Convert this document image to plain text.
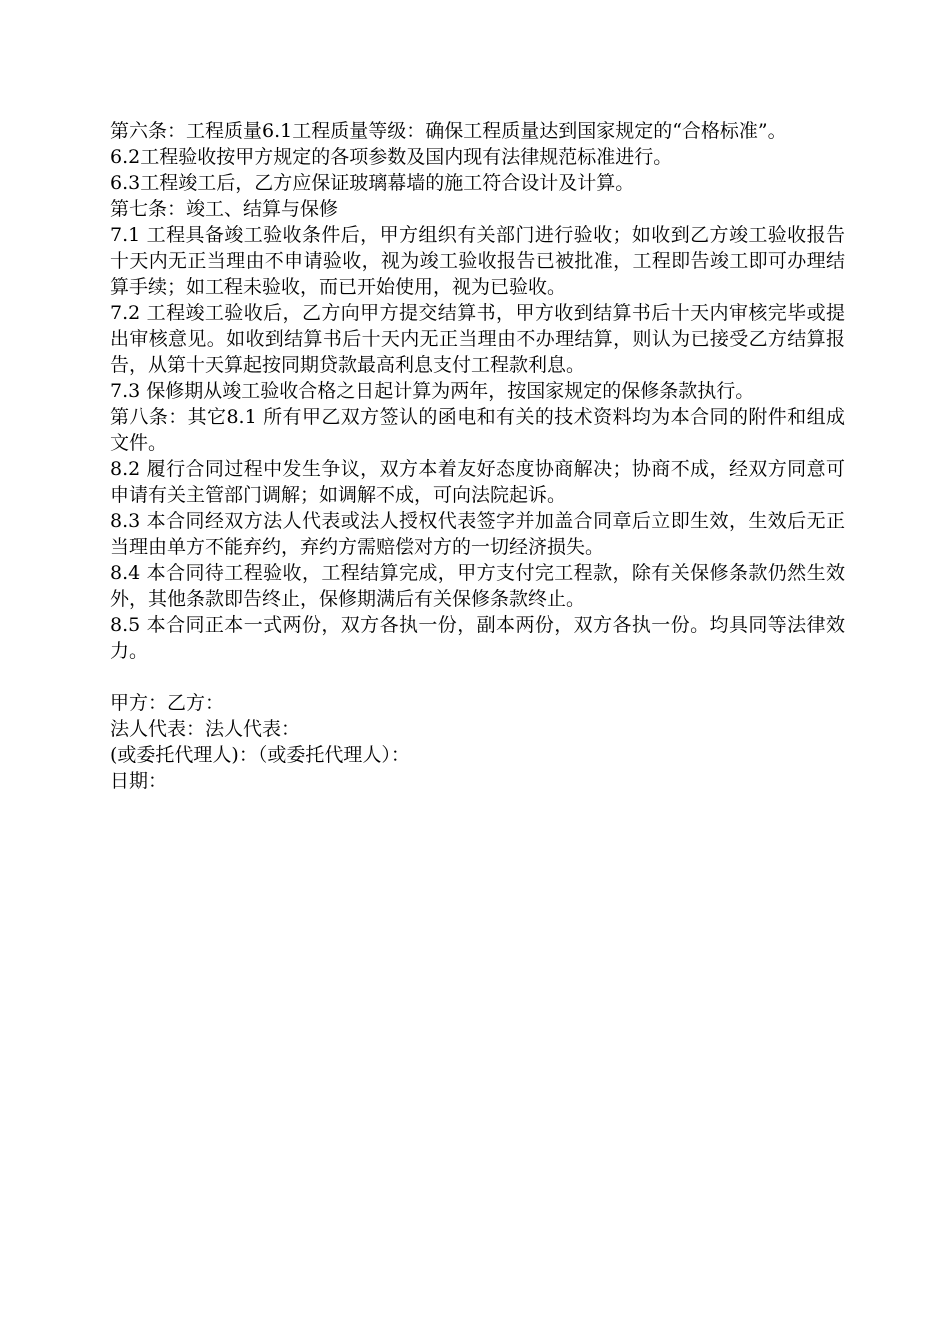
第六条：工程质量6.1工程质量等级：确保工程质量达到国家规定的“合格标准”。

6.2工程验收按甲方规定的各项参数及国内现有法律规范标准进行。

6.3工程竣工后，乙方应保证玻璃幕墙的施工符合设计及计算。

第七条：竣工、结算与保修

7.1 工程具备竣工验收条件后，甲方组织有关部门进行验收；如收到乙方竣工验收报告十天内无正当理由不申请验收，视为竣工验收报告已被批准，工程即告竣工即可办理结算手续；如工程未验收，而已开始使用，视为已验收。

7.2 工程竣工验收后，乙方向甲方提交结算书，甲方收到结算书后十天内审核完毕或提出审核意见。如收到结算书后十天内无正当理由不办理结算，则认为已接受乙方结算报告，从第十天算起按同期贷款最高利息支付工程款利息。

7.3 保修期从竣工验收合格之日起计算为两年，按国家规定的保修条款执行。

第八条：其它8.1 所有甲乙双方签认的函电和有关的技术资料均为本合同的附件和组成文件。

8.2 履行合同过程中发生争议，双方本着友好态度协商解决；协商不成，经双方同意可申请有关主管部门调解；如调解不成，可向法院起诉。

8.3 本合同经双方法人代表或法人授权代表签字并加盖合同章后立即生效，生效后无正当理由单方不能弃约，弃约方需赔偿对方的一切经济损失。

8.4 本合同待工程验收，工程结算完成，甲方支付完工程款，除有关保修条款仍然生效外，其他条款即告终止，保修期满后有关保修条款终止。

8.5 本合同正本一式两份，双方各执一份，副本两份，双方各执一份。均具同等法律效力。

甲方：乙方：

法人代表：法人代表：

(或委托代理人)：（或委托代理人）：

日期：
